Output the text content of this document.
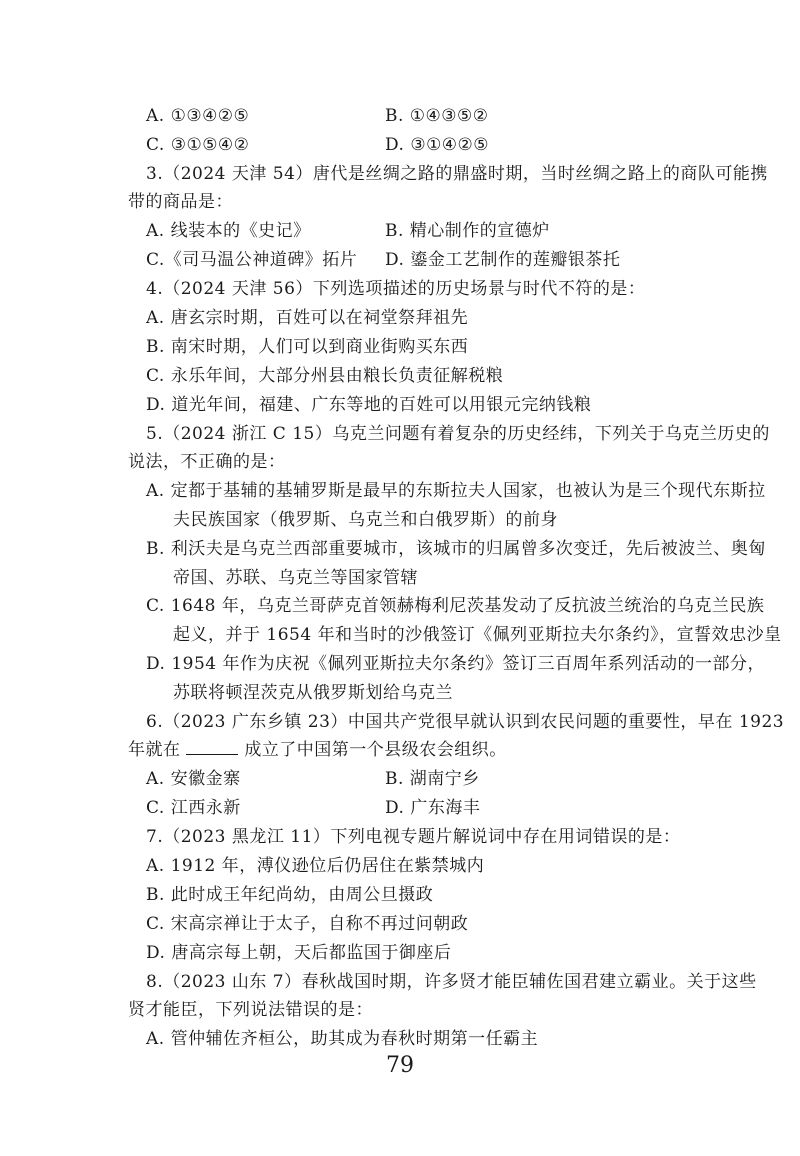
A. ①③④②⑤	B. ①④③⑤②
C. ③①⑤④②	D. ③①④②⑤
3.（2024 天津 54）唐代是丝绸之路的鼎盛时期，当时丝绸之路上的商队可能携
带的商品是：
A. 线装本的《史记》	B. 精心制作的宣德炉
C.《司马温公神道碑》拓片 D. 鎏金工艺制作的莲瓣银茶托
4.（2024 天津 56）下列选项描述的历史场景与时代不符的是：
A. 唐玄宗时期，百姓可以在祠堂祭拜祖先
B. 南宋时期，人们可以到商业街购买东西
C. 永乐年间，大部分州县由粮长负责征解税粮
D. 道光年间，福建、广东等地的百姓可以用银元完纳钱粮
5.（2024 浙江 C 15）乌克兰问题有着复杂的历史经纬，下列关于乌克兰历史的
说法，不正确的是：
A. 定都于基辅的基辅罗斯是最早的东斯拉夫人国家，也被认为是三个现代东斯拉
夫民族国家（俄罗斯、乌克兰和白俄罗斯）的前身
B. 利沃夫是乌克兰西部重要城市，该城市的归属曾多次变迁，先后被波兰、奥匈
帝国、苏联、乌克兰等国家管辖
C. 1648 年，乌克兰哥萨克首领赫梅利尼茨基发动了反抗波兰统治的乌克兰民族
起义，并于 1654 年和当时的沙俄签订《佩列亚斯拉夫尔条约》，宣誓效忠沙皇
D. 1954 年作为庆祝《佩列亚斯拉夫尔条约》签订三百周年系列活动的一部分，
苏联将顿涅茨克从俄罗斯划给乌克兰
6.（2023 广东乡镇 23）中国共产党很早就认识到农民问题的重要性，早在 1923
年就在	成立了中国第一个县级农会组织。
A. 安徽金寨	B. 湖南宁乡
C. 江西永新	D. 广东海丰
7.（2023 黑龙江 11）下列电视专题片解说词中存在用词错误的是：
A. 1912 年，溥仪逊位后仍居住在紫禁城内
B. 此时成王年纪尚幼，由周公旦摄政
C. 宋高宗禅让于太子，自称不再过问朝政
D. 唐高宗每上朝，天后都监国于御座后
8.（2023 山东 7）春秋战国时期，许多贤才能臣辅佐国君建立霸业。关于这些
贤才能臣，下列说法错误的是：
A. 管仲辅佐齐桓公，助其成为春秋时期第一任霸主
79
